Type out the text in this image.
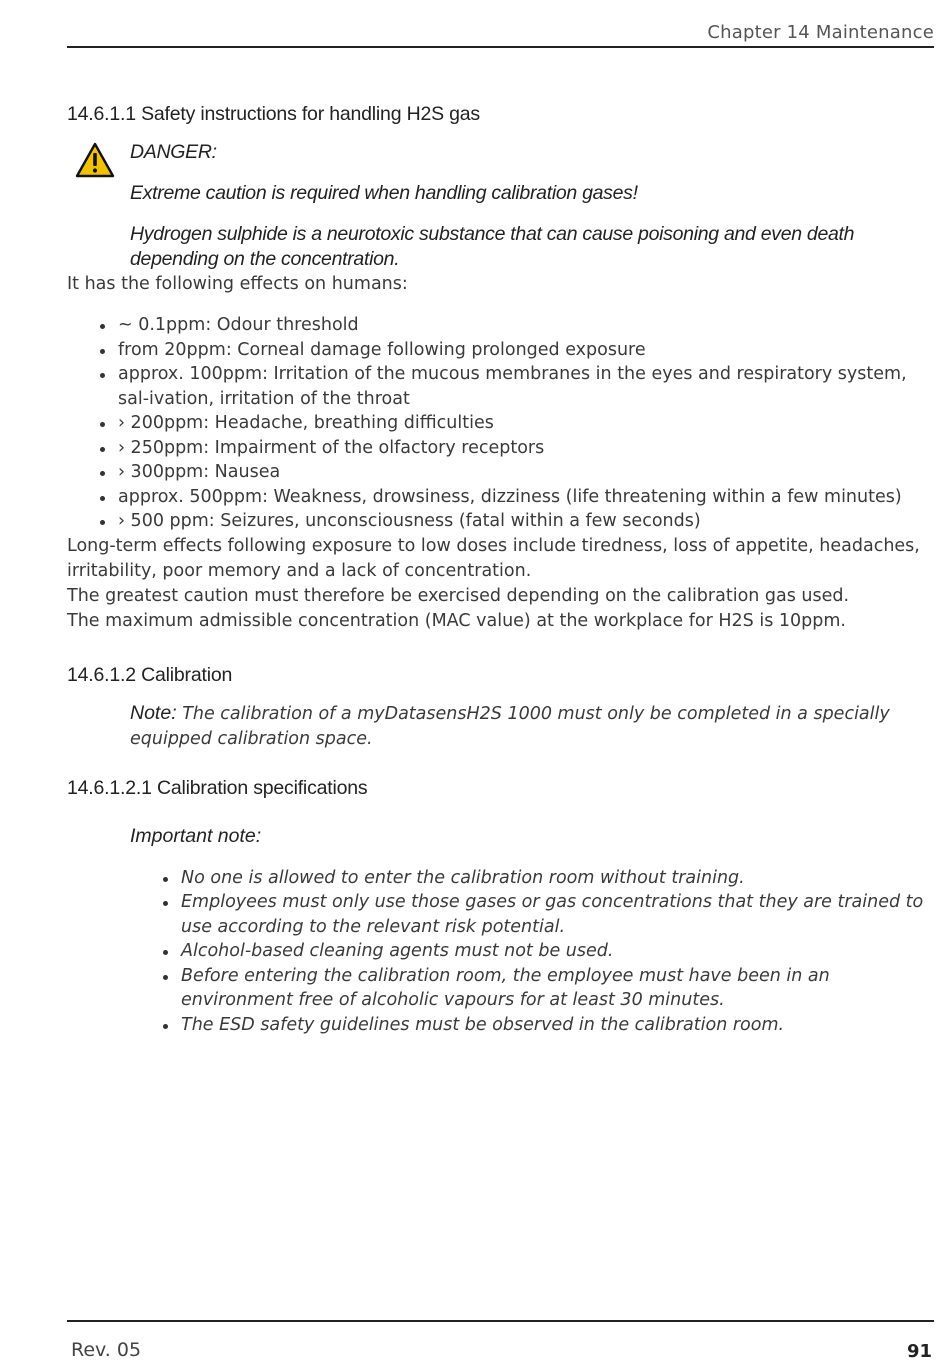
Chapter 14 Maintenance
14.6.1.1 Safety instructions for handling H2S gas
DANGER:
Extreme caution is required when handling calibration gases!
Hydrogen sulphide is a neurotoxic substance that can cause poisoning and even death depending on the concentration.

It has the following effects on humans:

~ 0.1ppm: Odour threshold
from 20ppm: Corneal damage following prolonged exposure
approx. 100ppm: Irritation of the mucous membranes in the eyes and respiratory system, sal-ivation, irritation of the throat
› 200ppm: Headache, breathing difficulties
› 250ppm: Impairment of the olfactory receptors
› 300ppm: Nausea
approx. 500ppm: Weakness, drowsiness, dizziness (life threatening within a few minutes)
› 500 ppm: Seizures, unconsciousness (fatal within a few seconds)

Long-term effects following exposure to low doses include tiredness, loss of appetite, headaches, irritability, poor memory and a lack of concentration.

The greatest caution must therefore be exercised depending on the calibration gas used.

The maximum admissible concentration (MAC value) at the workplace for H2S is 10ppm.

14.6.1.2 Calibration
Note: The calibration of a myDatasensH2S 1000 must only be completed in a specially equipped calibration space.
14.6.1.2.1 Calibration specifications
Important note:
No one is allowed to enter the calibration room without training.
Employees must only use those gases or gas concentrations that they are trained to use according to the relevant risk potential.
Alcohol-based cleaning agents must not be used.
Before entering the calibration room, the employee must have been in an environment free of alcoholic vapours for at least 30 minutes.
The ESD safety guidelines must be observed in the calibration room.
Rev. 05	91
